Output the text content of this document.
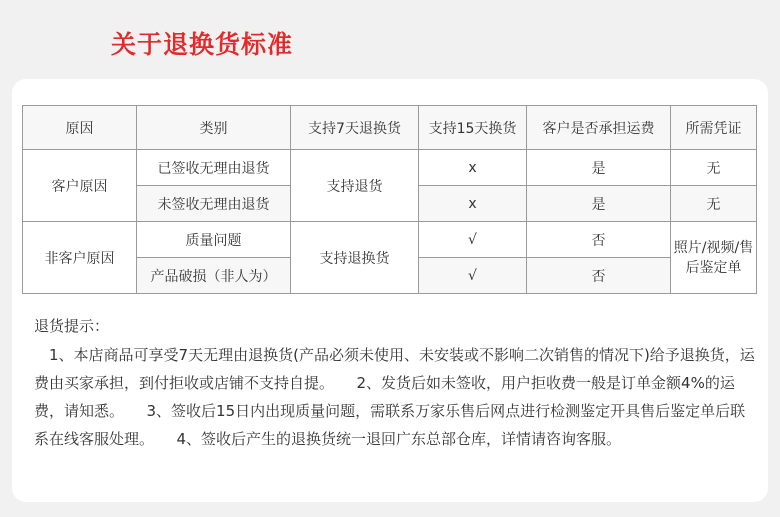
关于退换货标准
原因	类别	支持7天退换货	支持15天换货	客户是否承担运费	所需凭证
客户原因	已签收无理由退货	支持退货	x	是	无
	未签收无理由退货		x	是	无
非客户原因	质量问题	支持退换货	√	否	照片/视频/售后鉴定单
	产品破损（非人为）		√	否	
退货提示：
1、本店商品可享受7天无理由退换货(产品必须未使用、未安装或不影响二次销售的情况下)给予退换货，运费由买家承担，到付拒收或店铺不支持自提。　　2、发货后如未签收，用户拒收费一般是订单金额4%的运费，请知悉。　　3、签收后15日内出现质量问题，需联系万家乐售后网点进行检测鉴定开具售后鉴定单后联系在线客服处理。　　4、签收后产生的退换货统一退回广东总部仓库，详情请咨询客服。
